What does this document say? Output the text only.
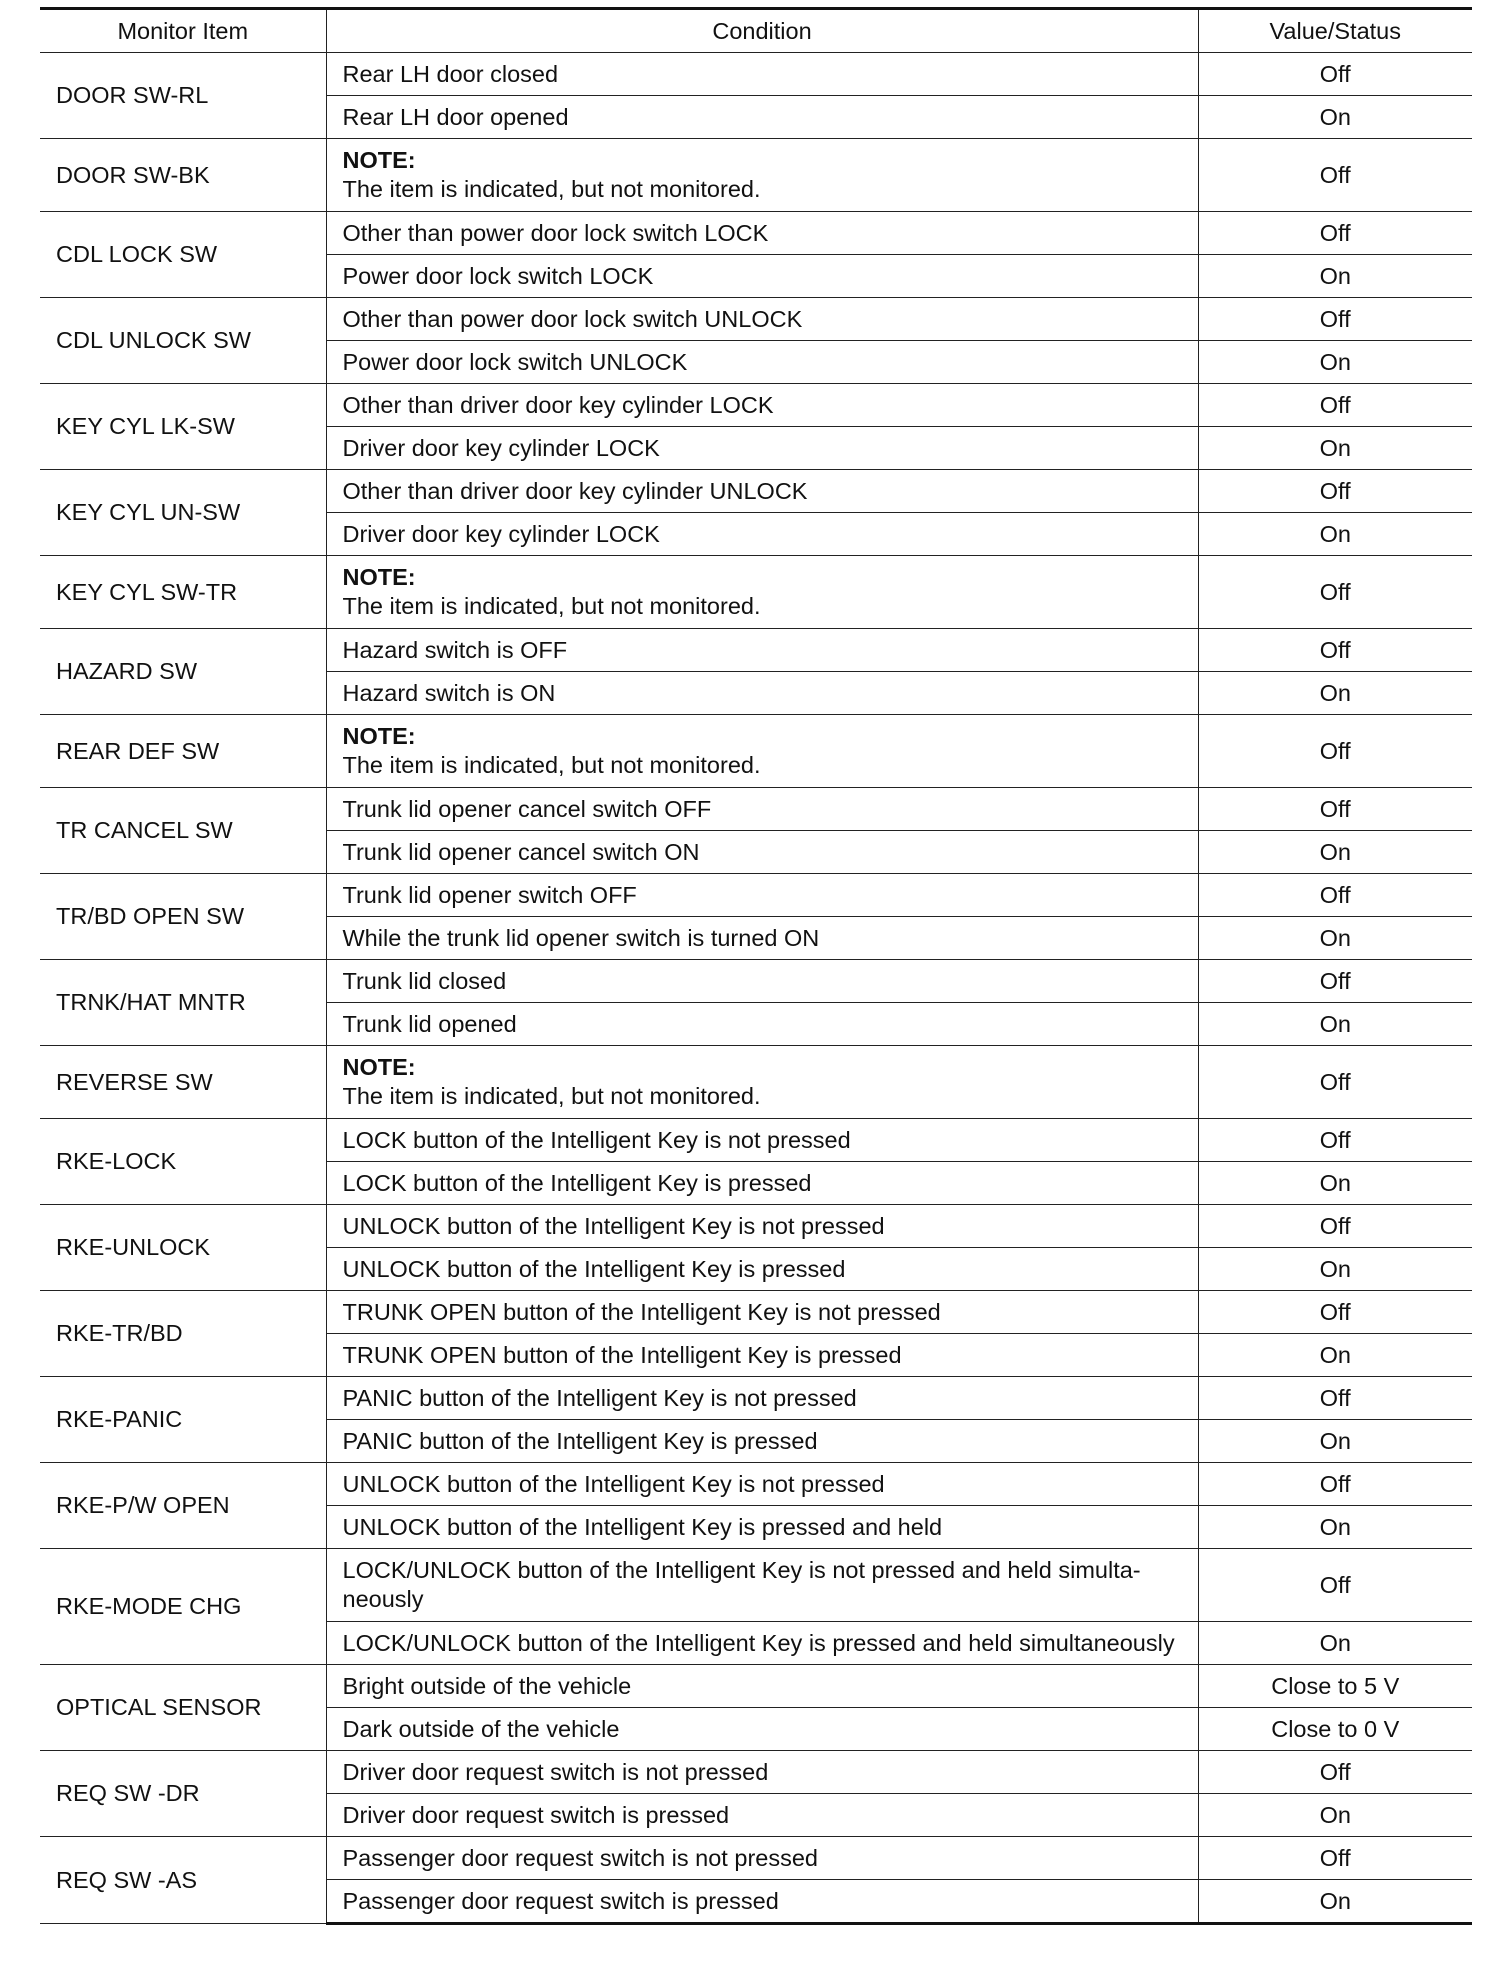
Monitor Item	Condition	Value/Status
DOOR SW-RL	Rear LH door closed	Off
	Rear LH door opened	On
DOOR SW-BK	NOTE:
The item is indicated, but not monitored.	Off
CDL LOCK SW	Other than power door lock switch LOCK	Off
	Power door lock switch LOCK	On
CDL UNLOCK SW	Other than power door lock switch UNLOCK	Off
	Power door lock switch UNLOCK	On
KEY CYL LK-SW	Other than driver door key cylinder LOCK	Off
	Driver door key cylinder LOCK	On
KEY CYL UN-SW	Other than driver door key cylinder UNLOCK	Off
	Driver door key cylinder LOCK	On
KEY CYL SW-TR	NOTE:
The item is indicated, but not monitored.	Off
HAZARD SW	Hazard switch is OFF	Off
	Hazard switch is ON	On
REAR DEF SW	NOTE:
The item is indicated, but not monitored.	Off
TR CANCEL SW	Trunk lid opener cancel switch OFF	Off
	Trunk lid opener cancel switch ON	On
TR/BD OPEN SW	Trunk lid opener switch OFF	Off
	While the trunk lid opener switch is turned ON	On
TRNK/HAT MNTR	Trunk lid closed	Off
	Trunk lid opened	On
REVERSE SW	NOTE:
The item is indicated, but not monitored.	Off
RKE-LOCK	LOCK button of the Intelligent Key is not pressed	Off
	LOCK button of the Intelligent Key is pressed	On
RKE-UNLOCK	UNLOCK button of the Intelligent Key is not pressed	Off
	UNLOCK button of the Intelligent Key is pressed	On
RKE-TR/BD	TRUNK OPEN button of the Intelligent Key is not pressed	Off
	TRUNK OPEN button of the Intelligent Key is pressed	On
RKE-PANIC	PANIC button of the Intelligent Key is not pressed	Off
	PANIC button of the Intelligent Key is pressed	On
RKE-P/W OPEN	UNLOCK button of the Intelligent Key is not pressed	Off
	UNLOCK button of the Intelligent Key is pressed and held	On
RKE-MODE CHG	LOCK/UNLOCK button of the Intelligent Key is not pressed and held simulta-
neously	Off
	LOCK/UNLOCK button of the Intelligent Key is pressed and held simultaneously	On
OPTICAL SENSOR	Bright outside of the vehicle	Close to 5 V
	Dark outside of the vehicle	Close to 0 V
REQ SW -DR	Driver door request switch is not pressed	Off
	Driver door request switch is pressed	On
REQ SW -AS	Passenger door request switch is not pressed	Off
	Passenger door request switch is pressed	On
